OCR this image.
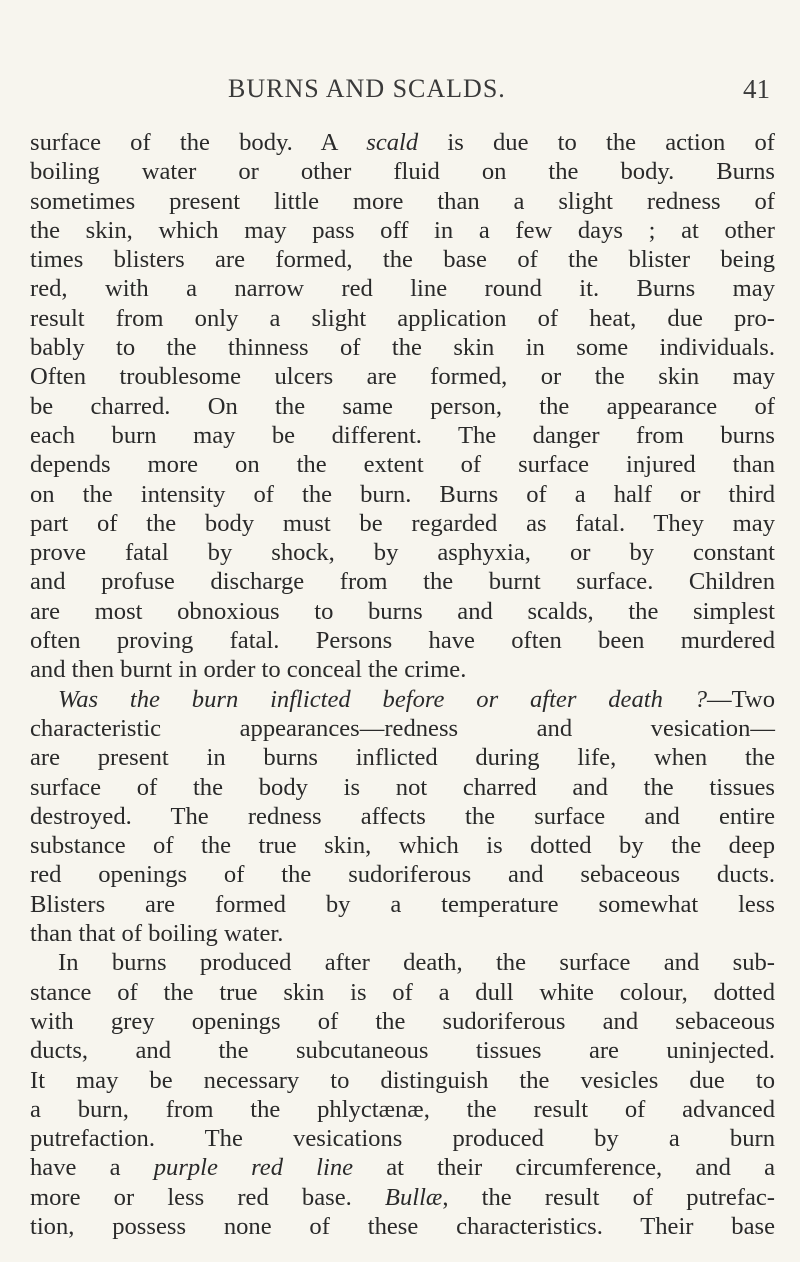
BURNS AND SCALDS.	41

surface of the body. A scald is due to the action of
boiling water or other fluid on the body. Burns
sometimes present little more than a slight redness of
the skin, which may pass off in a few days ; at other
times blisters are formed, the base of the blister being
red, with a narrow red line round it. Burns may
result from only a slight application of heat, due pro-
bably to the thinness of the skin in some individuals.
Often troublesome ulcers are formed, or the skin may
be charred. On the same person, the appearance of
each burn may be different. The danger from burns
depends more on the extent of surface injured than
on the intensity of the burn. Burns of a half or third
part of the body must be regarded as fatal. They may
prove fatal by shock, by asphyxia, or by constant
and profuse discharge from the burnt surface. Children
are most obnoxious to burns and scalds, the simplest
often proving fatal. Persons have often been murdered
and then burnt in order to conceal the crime.

Was the burn inflicted before or after death ?—Two
characteristic appearances—redness and vesication—
are present in burns inflicted during life, when the
surface of the body is not charred and the tissues
destroyed. The redness affects the surface and entire
substance of the true skin, which is dotted by the deep
red openings of the sudoriferous and sebaceous ducts.
Blisters are formed by a temperature somewhat less
than that of boiling water.

In burns produced after death, the surface and sub-
stance of the true skin is of a dull white colour, dotted
with grey openings of the sudoriferous and sebaceous
ducts, and the subcutaneous tissues are uninjected.
It may be necessary to distinguish the vesicles due to
a burn, from the phlyctænæ, the result of advanced
putrefaction. The vesications produced by a burn
have a purple red line at their circumference, and a
more or less red base. Bullæ, the result of putrefac-
tion, possess none of these characteristics. Their base
